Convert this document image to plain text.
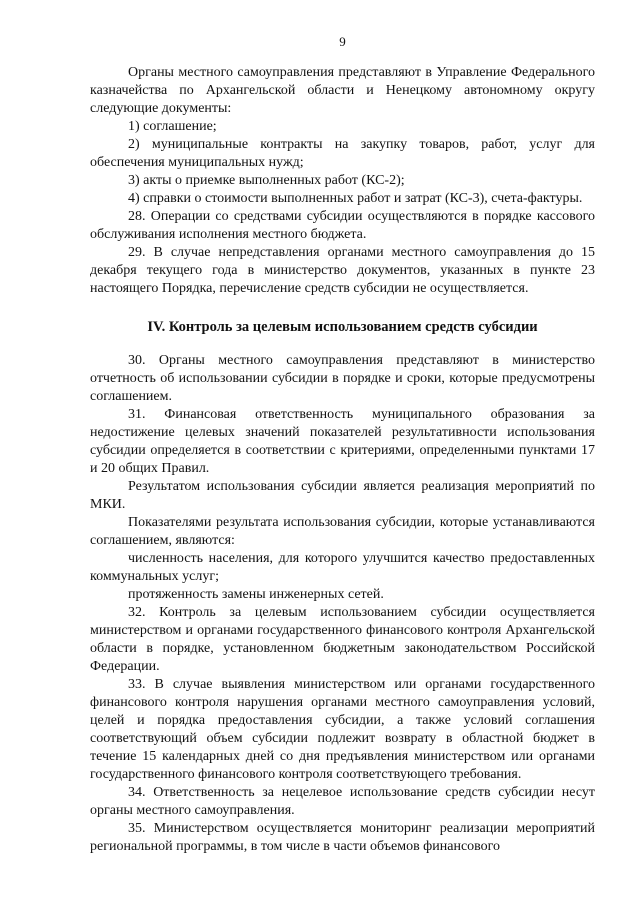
9

Органы местного самоуправления представляют в Управление Федерального казначейства по Архангельской области и Ненецкому автономному округу следующие документы:

1) соглашение;

2) муниципальные контракты на закупку товаров, работ, услуг для обеспечения муниципальных нужд;

3) акты о приемке выполненных работ (КС-2);

4) справки о стоимости выполненных работ и затрат (КС-3), счета-фактуры.

28. Операции со средствами субсидии осуществляются в порядке кассового обслуживания исполнения местного бюджета.

29. В случае непредставления органами местного самоуправления до 15 декабря текущего года в министерство документов, указанных в пункте 23 настоящего Порядка, перечисление средств субсидии не осуществляется.

IV. Контроль за целевым использованием средств субсидии

30. Органы местного самоуправления представляют в министерство отчетность об использовании субсидии в порядке и сроки, которые предусмотрены соглашением.

31. Финансовая ответственность муниципального образования за недостижение целевых значений показателей результативности использования субсидии определяется в соответствии с критериями, определенными пунктами 17 и 20 общих Правил.

Результатом использования субсидии является реализация мероприятий по МКИ.

Показателями результата использования субсидии, которые устанавливаются соглашением, являются:

численность населения, для которого улучшится качество предоставленных коммунальных услуг;

протяженность замены инженерных сетей.

32. Контроль за целевым использованием субсидии осуществляется министерством и органами государственного финансового контроля Архангельской области в порядке, установленном бюджетным законодательством Российской Федерации.

33. В случае выявления министерством или органами государственного финансового контроля нарушения органами местного самоуправления условий, целей и порядка предоставления субсидии, а также условий соглашения соответствующий объем субсидии подлежит возврату в областной бюджет в течение 15 календарных дней со дня предъявления министерством или органами государственного финансового контроля соответствующего требования.

34. Ответственность за нецелевое использование средств субсидии несут органы местного самоуправления.

35. Министерством осуществляется мониторинг реализации мероприятий региональной программы, в том числе в части объемов финансового
